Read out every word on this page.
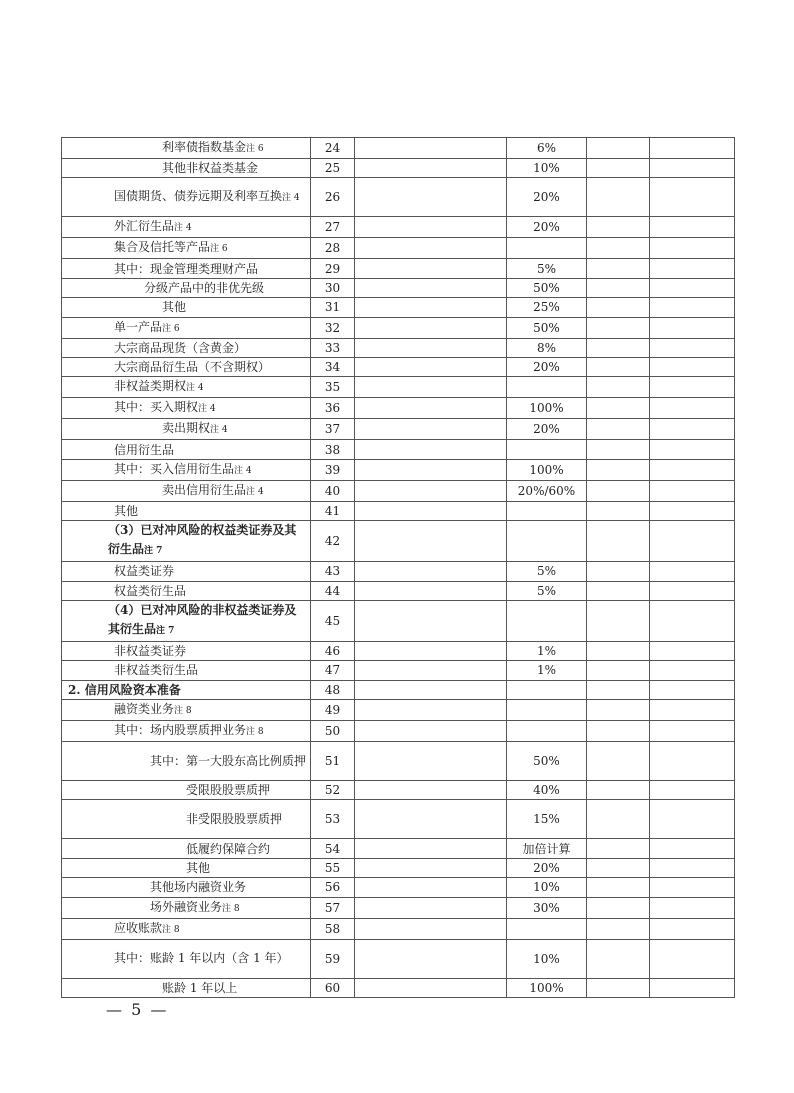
利率债指数基金注 6	24		6%		
其他非权益类基金	25		10%		
国债期货、债券远期及利率互换注 4	26		20%		
外汇衍生品注 4	27		20%		
集合及信托等产品注 6	28				
其中：现金管理类理财产品	29		5%		
分级产品中的非优先级	30		50%		
其他	31		25%		
单一产品注 6	32		50%		
大宗商品现货（含黄金）	33		8%		
大宗商品衍生品（不含期权）	34		20%		
非权益类期权注 4	35				
其中：买入期权注 4	36		100%		
卖出期权注 4	37		20%		
信用衍生品	38				
其中：买入信用衍生品注 4	39		100%		
卖出信用衍生品注 4	40		20%/60%		
其他	41				
（3）已对冲风险的权益类证券及其衍生品注 7	42				
权益类证券	43		5%		
权益类衍生品	44		5%		
（4）已对冲风险的非权益类证券及其衍生品注 7	45				
非权益类证券	46		1%		
非权益类衍生品	47		1%		
2. 信用风险资本准备	48				
融资类业务注 8	49				
其中：场内股票质押业务注 8	50				
其中：第一大股东高比例质押	51		50%		
受限股股票质押	52		40%		
非受限股股票质押	53		15%		
低履约保障合约	54		加倍计算		
其他	55		20%		
其他场内融资业务	56		10%		
场外融资业务注 8	57		30%		
应收账款注 8	58				
其中：账龄 1 年以内（含 1 年）	59		10%		
账龄 1 年以上	60		100%		
— 5 —
